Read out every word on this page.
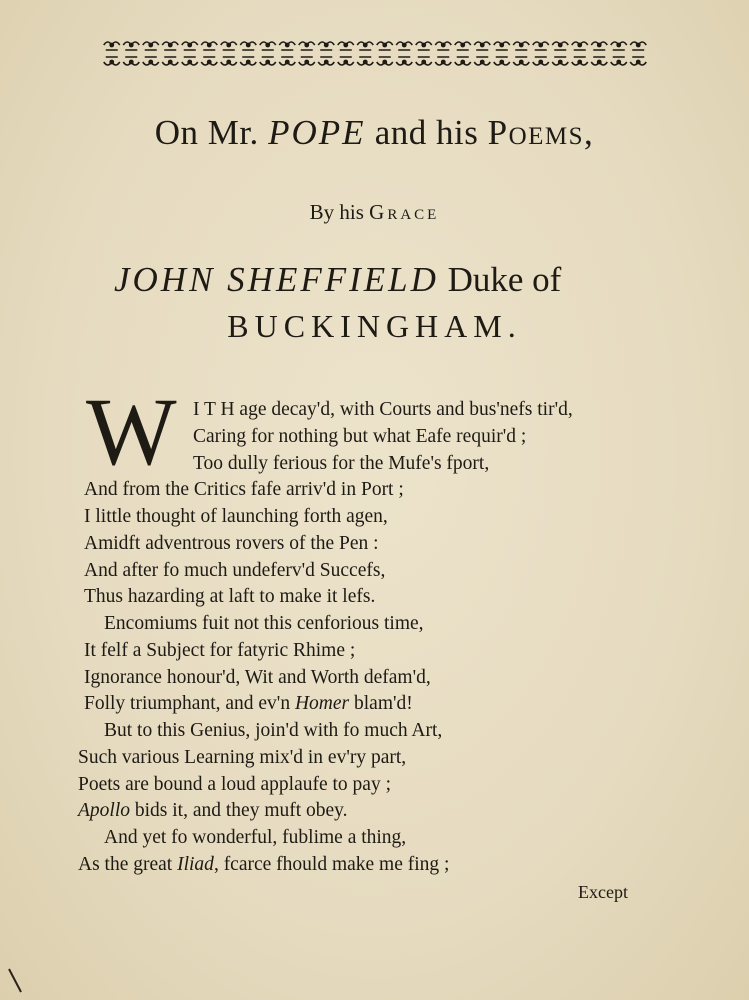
On Mr. POPE and his Poems,
By his Grace
JOHN SHEFFIELD Duke of
BUCKINGHAM.
W I T H age decay'd, with Courts and bus'nefs tir'd,
Caring for nothing but what Eafe requir'd ;
Too dully ferious for the Mufe's fport,
And from the Critics fafe arriv'd in Port ;
I little thought of launching forth agen,
Amidft adventrous rovers of the Pen :
And after fo much undeferv'd Succefs,
Thus hazarding at laft to make it lefs.
Encomiums fuit not this cenforious time,
It felf a Subject for fatyric Rhime ;
Ignorance honour'd, Wit and Worth defam'd,
Folly triumphant, and ev'n Homer blam'd!
But to this Genius, join'd with fo much Art,
Such various Learning mix'd in ev'ry part,
Poets are bound a loud applaufe to pay ;
Apollo bids it, and they muft obey.
And yet fo wonderful, fublime a thing,
As the great Iliad, fcarce fhould make me fing ;
Except
